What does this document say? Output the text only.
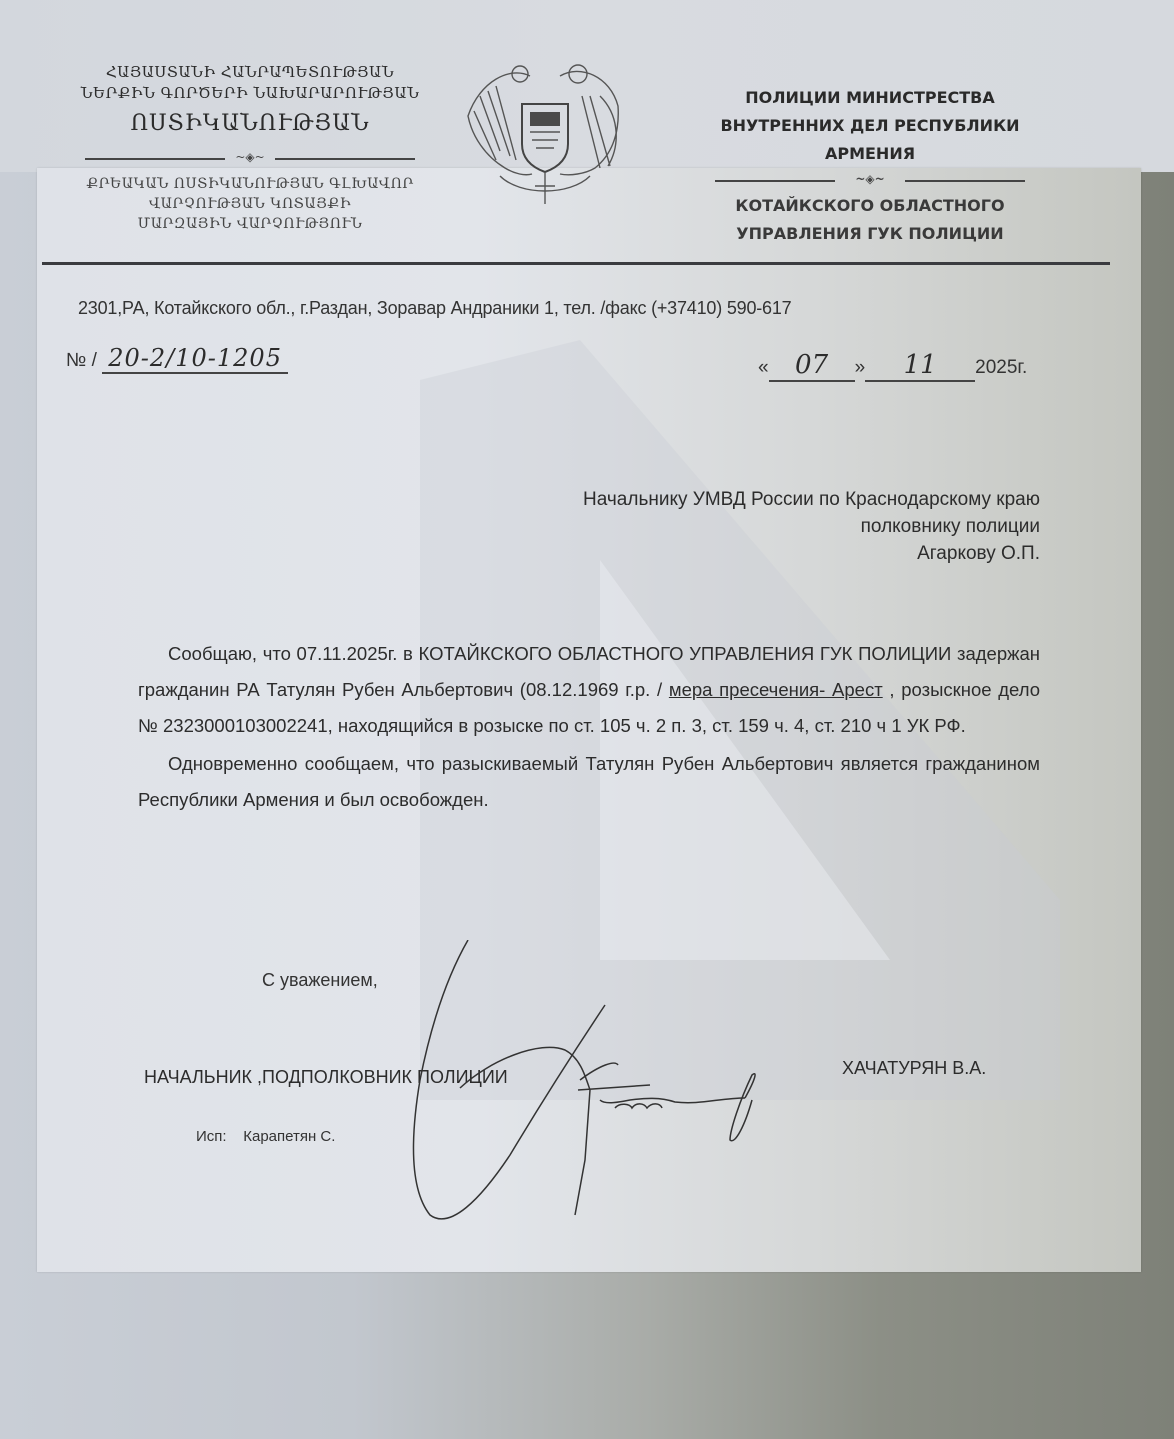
ՀԱՅԱՍՏԱՆԻ ՀԱՆՐԱՊԵՏՈՒԹՅԱՆ
ՆԵՐՔԻՆ ԳՈՐԾԵՐԻ ՆԱԽԱՐԱՐՈՒԹՅԱՆ
ՈՍՏԻԿԱՆՈՒԹՅԱՆ
~◈~
ՔՐԵԱԿԱՆ ՈՍՏԻԿԱՆՈՒԹՅԱՆ ԳԼԽԱՎՈՐ
ՎԱՐՉՈՒԹՅԱՆ ԿՈՏԱՅՔԻ
ՄԱՐԶԱՅԻՆ ՎԱՐՉՈՒԹՅՈՒՆ
ПОЛИЦИИ МИНИСТРЕСТВА
ВНУТРЕННИХ ДЕЛ РЕСПУБЛИКИ
АРМЕНИЯ
~◈~
КОТАЙКСКОГО ОБЛАСТНОГО
УПРАВЛЕНИЯ ГУК ПОЛИЦИИ
2301,РА, Котайкского обл., г.Раздан, Зоравар Андраники 1, тел. /факс (+37410) 590-617
№ / 20-2/10-1205	« 07 » 11 2025г.
Начальнику УМВД России по Краснодарскому краю
полковнику полиции
Агаркову О.П.

Сообщаю, что 07.11.2025г. в КОТАЙКСКОГО ОБЛАСТНОГО УПРАВЛЕНИЯ ГУК ПОЛИЦИИ задержан гражданин РА Татулян Рубен Альбертович (08.12.1969 г.р. / мера пресечения- Арест , розыскное дело № 2323000103002241, находящийся в розыске по ст. 105 ч. 2 п. 3, ст. 159 ч. 4, ст. 210 ч 1 УК РФ.

Одновременно сообщаем, что разыскиваемый Татулян Рубен Альбертович является гражданином Республики Армения и был освобожден.

С уважением,
НАЧАЛЬНИК ,ПОДПОЛКОВНИК ПОЛИЦИИ	ХАЧАТУРЯН В.А.
Исп: Карапетян С.
